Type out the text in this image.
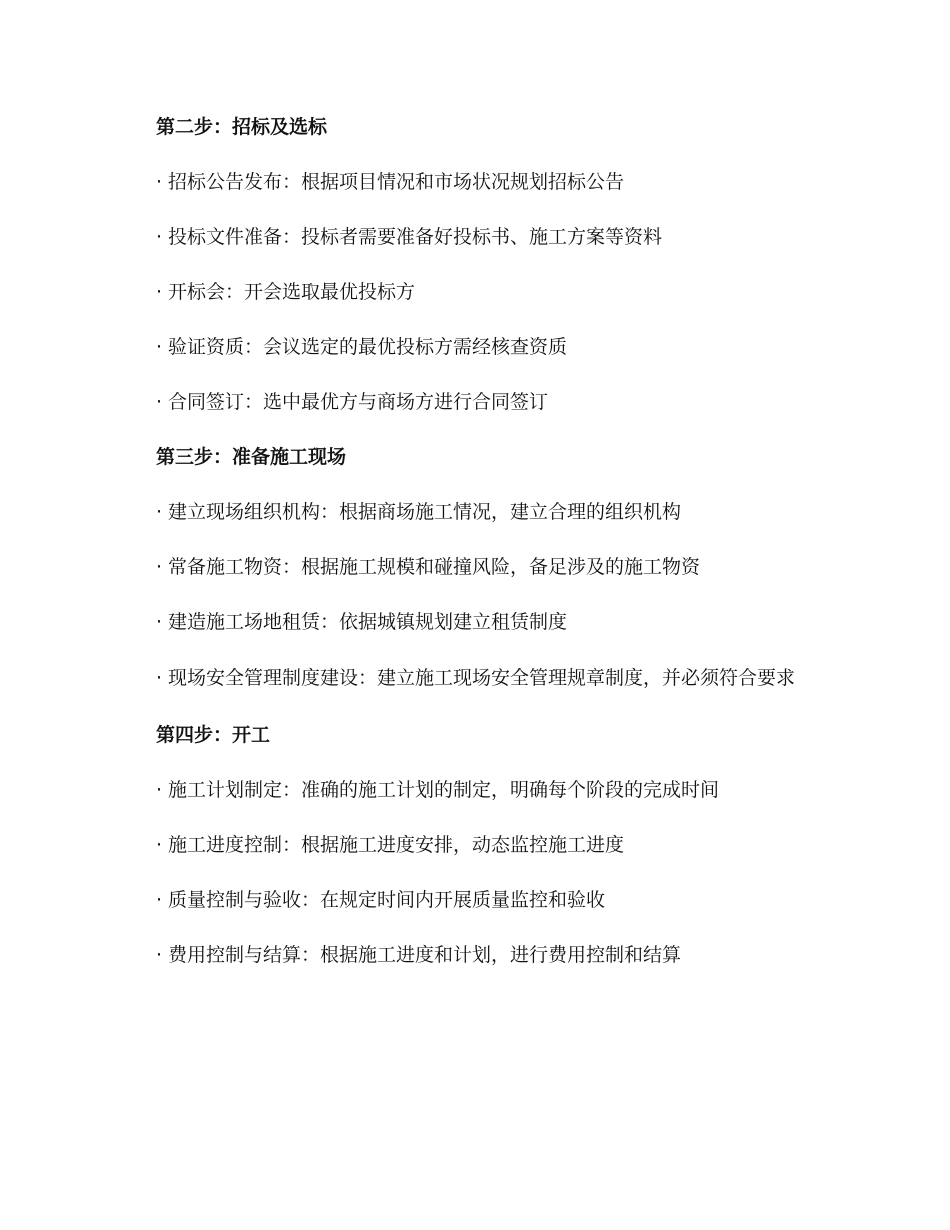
第二步：招标及选标

· 招标公告发布：根据项目情况和市场状况规划招标公告

· 投标文件准备：投标者需要准备好投标书、施工方案等资料

· 开标会：开会选取最优投标方

· 验证资质：会议选定的最优投标方需经核查资质

· 合同签订：选中最优方与商场方进行合同签订

第三步：准备施工现场

· 建立现场组织机构：根据商场施工情况，建立合理的组织机构

· 常备施工物资：根据施工规模和碰撞风险，备足涉及的施工物资

· 建造施工场地租赁：依据城镇规划建立租赁制度

· 现场安全管理制度建设：建立施工现场安全管理规章制度，并必须符合要求

第四步：开工

· 施工计划制定：准确的施工计划的制定，明确每个阶段的完成时间

· 施工进度控制：根据施工进度安排，动态监控施工进度

· 质量控制与验收：在规定时间内开展质量监控和验收

· 费用控制与结算：根据施工进度和计划，进行费用控制和结算
